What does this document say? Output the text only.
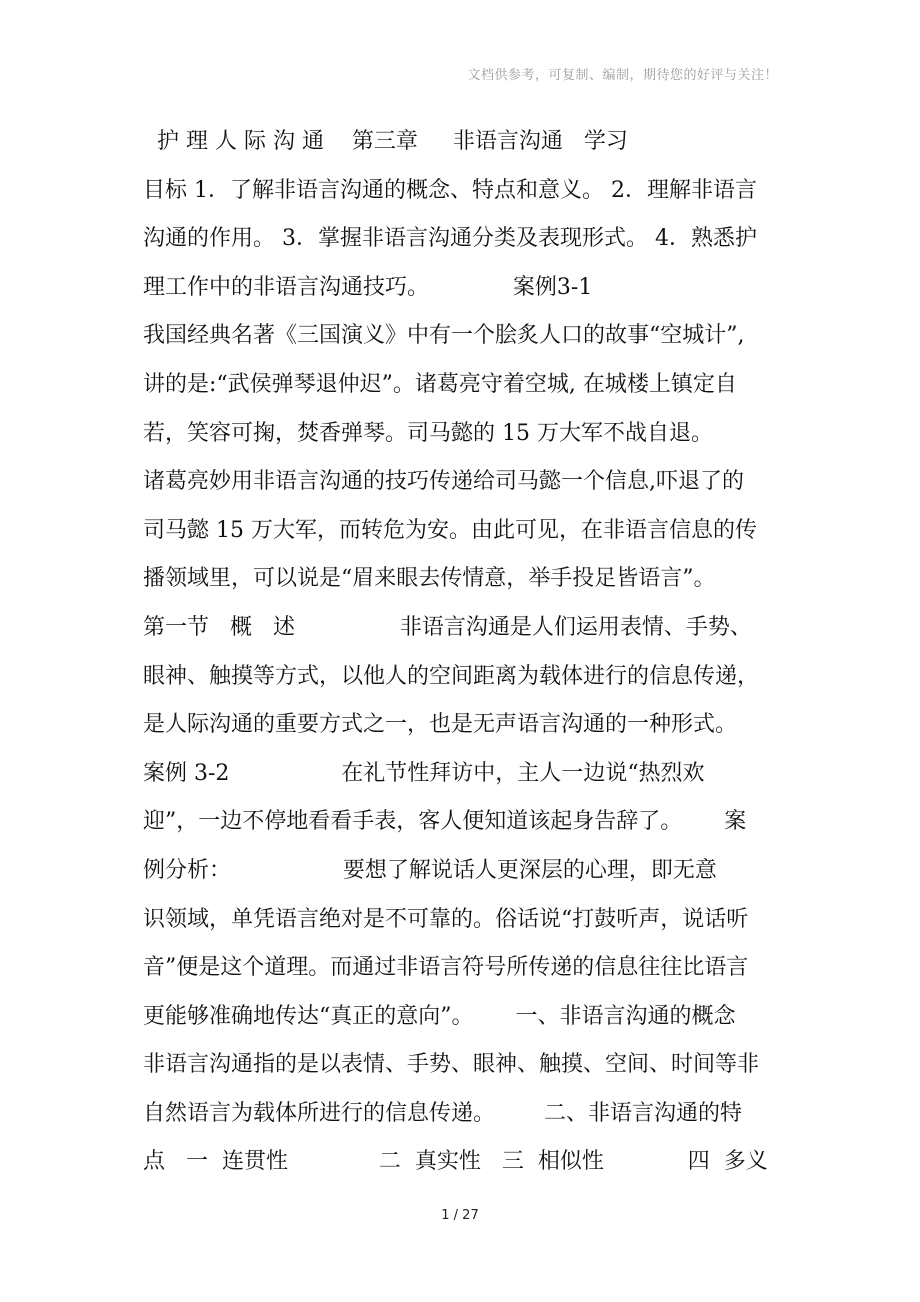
文档供参考，可复制、编制，期待您的好评与关注！
护 理 人 际 沟 通    第三章     非语言沟通   学习
目标 1．了解非语言沟通的概念、特点和意义。 2．理解非语言
沟通的作用。 3．掌握非语言沟通分类及表现形式。 4．熟悉护
理工作中的非语言沟通技巧。            案例3-1
我国经典名著《三国演义》中有一个脍炙人口的故事“空城计”,
讲的是:“武侯弹琴退仲迟”。诸葛亮守着空城, 在城楼上镇定自
若，笑容可掬，焚香弹琴。司马懿的 15 万大军不战自退。
诸葛亮妙用非语言沟通的技巧传递给司马懿一个信息,吓退了的
司马懿 15 万大军，而转危为安。由此可见，在非语言信息的传
播领域里，可以说是“眉来眼去传情意，举手投足皆语言”。
第一节   概   述               非语言沟通是人们运用表情、手势、
眼神、触摸等方式，以他人的空间距离为载体进行的信息传递，
是人际沟通的重要方式之一，也是无声语言沟通的一种形式。
案例 3-2                在礼节性拜访中，主人一边说“热烈欢
迎”，一边不停地看看手表，客人便知道该起身告辞了。      案
例分析：                要想了解说话人更深层的心理，即无意
识领域，单凭语言绝对是不可靠的。俗话说“打鼓听声，说话听
音”便是这个道理。而通过非语言符号所传递的信息往往比语言
更能够准确地传达“真正的意向”。      一、非语言沟通的概念
非语言沟通指的是以表情、手势、眼神、触摸、空间、时间等非
自然语言为载体所进行的信息传递。       二、非语言沟通的特
点   一  连贯性             二  真实性   三  相似性            四  多义
1 / 27
